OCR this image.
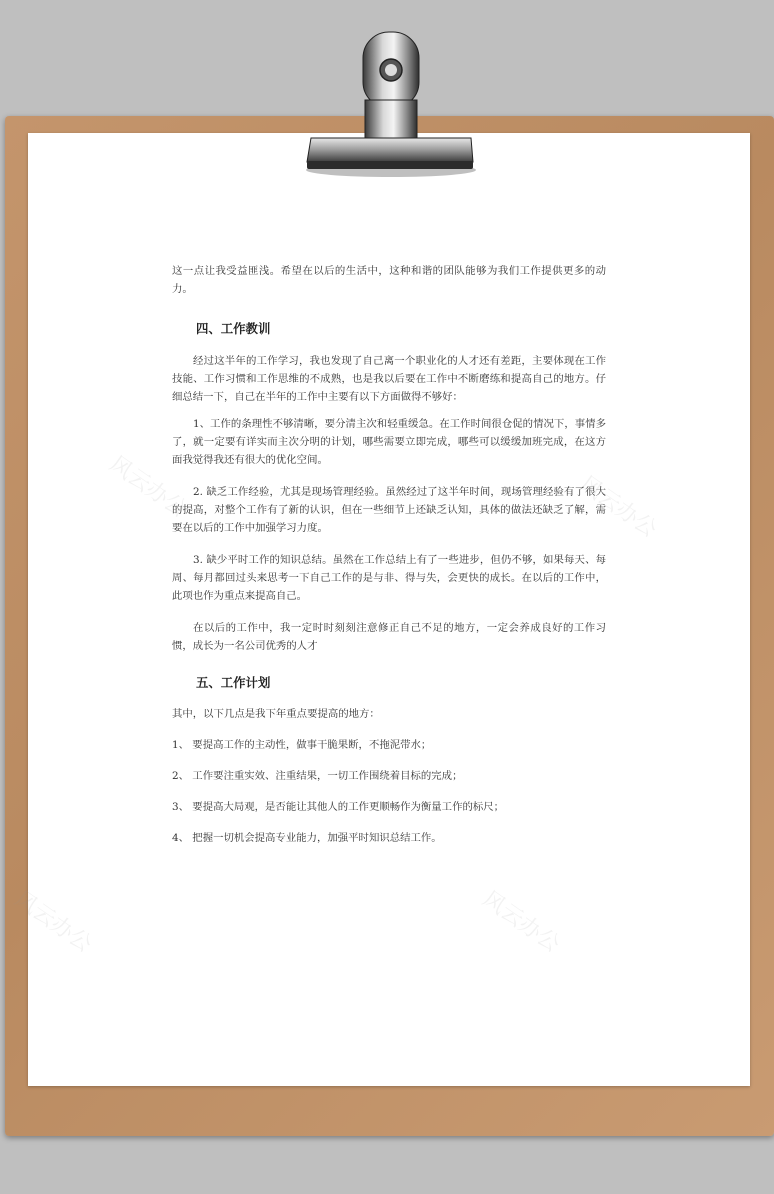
这一点让我受益匪浅。希望在以后的生活中，这种和谐的团队能够为我们工作提供更多的动力。

四、工作教训

经过这半年的工作学习，我也发现了自己离一个职业化的人才还有差距，主要体现在工作技能、工作习惯和工作思维的不成熟，也是我以后要在工作中不断磨练和提高自己的地方。仔细总结一下，自己在半年的工作中主要有以下方面做得不够好：

1、工作的条理性不够清晰，要分清主次和轻重缓急。在工作时间很仓促的情况下，事情多了，就一定要有详实而主次分明的计划，哪些需要立即完成，哪些可以缓缓加班完成，在这方面我觉得我还有很大的优化空间。

2. 缺乏工作经验，尤其是现场管理经验。虽然经过了这半年时间，现场管理经验有了很大的提高，对整个工作有了新的认识，但在一些细节上还缺乏认知，具体的做法还缺乏了解，需要在以后的工作中加强学习力度。

3. 缺少平时工作的知识总结。虽然在工作总结上有了一些进步，但仍不够，如果每天、每周、每月都回过头来思考一下自己工作的是与非、得与失，会更快的成长。在以后的工作中，此项也作为重点来提高自己。

在以后的工作中，我一定时时刻刻注意修正自己不足的地方，一定会养成良好的工作习惯，成长为一名公司优秀的人才

五、工作计划

其中，以下几点是我下年重点要提高的地方：

1、 要提高工作的主动性，做事干脆果断，不拖泥带水；

2、 工作要注重实效、注重结果，一切工作围绕着目标的完成；

3、 要提高大局观，是否能让其他人的工作更顺畅作为衡量工作的标尺；

4、 把握一切机会提高专业能力，加强平时知识总结工作。

风云办公	风云办公
风云办公	风云办公
